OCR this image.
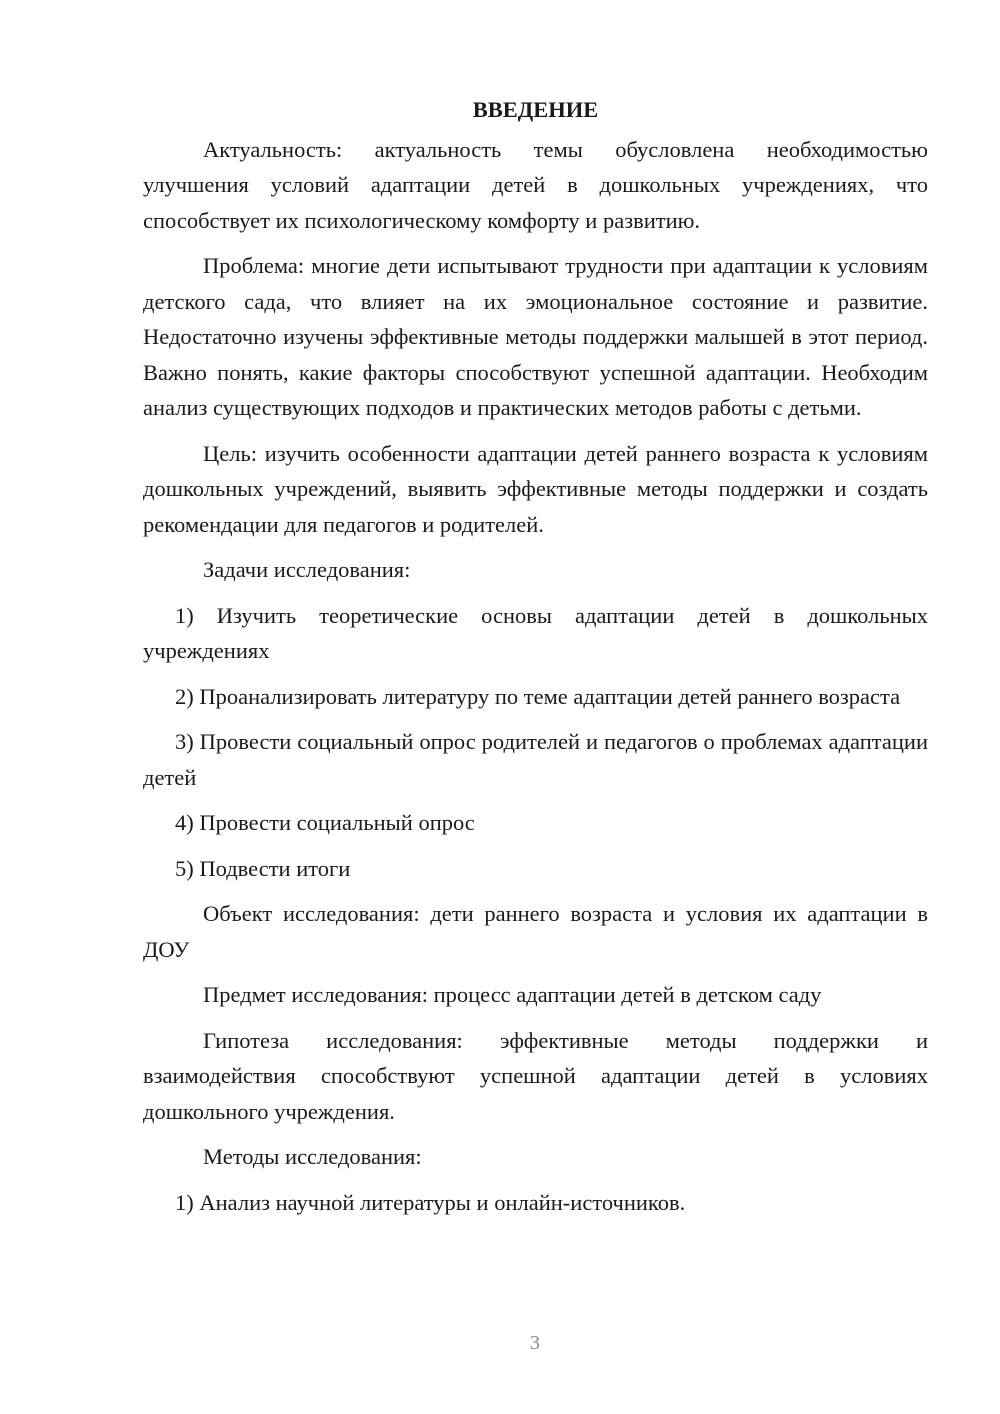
ВВЕДЕНИЕ

Актуальность: актуальность темы обусловлена необходимостью улучшения условий адаптации детей в дошкольных учреждениях, что способствует их психологическому комфорту и развитию.

Проблема: многие дети испытывают трудности при адаптации к условиям детского сада, что влияет на их эмоциональное состояние и развитие. Недостаточно изучены эффективные методы поддержки малышей в этот период. Важно понять, какие факторы способствуют успешной адаптации. Необходим анализ существующих подходов и практических методов работы с детьми.

Цель: изучить особенности адаптации детей раннего возраста к условиям дошкольных учреждений, выявить эффективные методы поддержки и создать рекомендации для педагогов и родителей.

Задачи исследования:

1) Изучить теоретические основы адаптации детей в дошкольных учреждениях

2) Проанализировать литературу по теме адаптации детей раннего возраста

3) Провести социальный опрос родителей и педагогов о проблемах адаптации детей

4) Провести социальный опрос

5) Подвести итоги

Объект исследования: дети раннего возраста и условия их адаптации в ДОУ

Предмет исследования: процесс адаптации детей в детском саду

Гипотеза исследования: эффективные методы поддержки и взаимодействия способствуют успешной адаптации детей в условиях дошкольного учреждения.

Методы исследования:

1) Анализ научной литературы и онлайн-источников.

3
